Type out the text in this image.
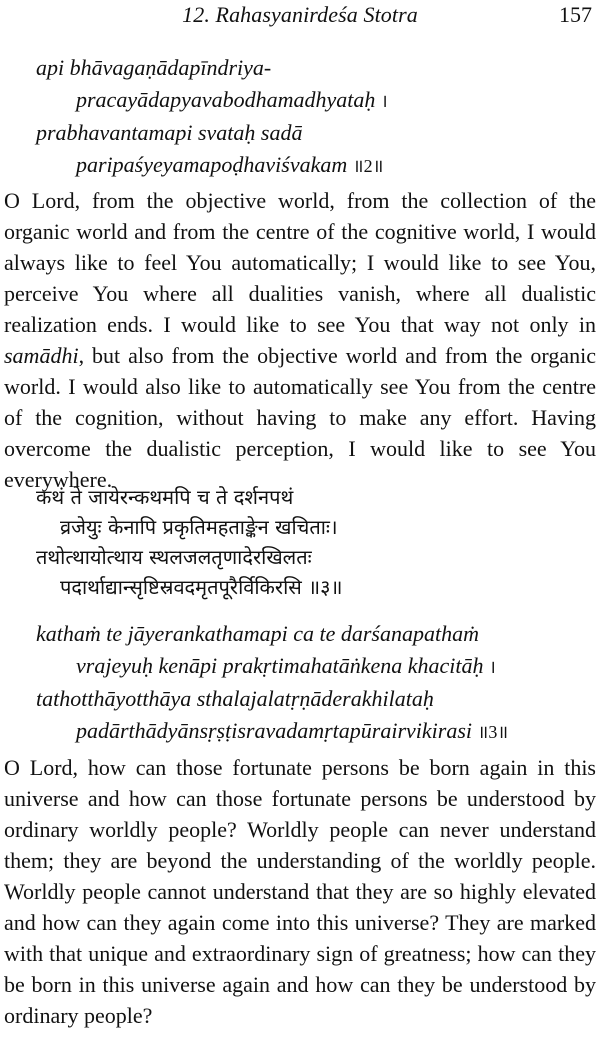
12. Rahasyanirdeśa Stotra	157
api bhāvagaṇādapīndriya-
pracayādapyavabodhamadhyataḥ ।
prabhavantamapi svataḥ sadā
paripaśyeyamapoḍhaviśvakam ॥2॥
O Lord, from the objective world, from the collection of the organic world and from the centre of the cognitive world, I would always like to feel You automatically; I would like to see You, perceive You where all dualities vanish, where all dualistic realization ends. I would like to see You that way not only in samādhi, but also from the objective world and from the organic world. I would also like to automatically see You from the centre of the cognition, without having to make any effort. Having overcome the dualistic perception, I would like to see You everywhere.
कथं ते जायेरन्कथमपि च ते दर्शनपथं
व्रजेयुः केनापि प्रकृतिमहताङ्केन खचिताः।
तथोत्थायोत्थाय स्थलजलतृणादेरखिलतः
पदार्थाद्यान्सृष्टिस्रवदमृतपूरैर्विकिरसि ॥३॥
kathaṁ te jāyerankathamapi ca te darśanapathaṁ
vrajeyuḥ kenāpi prakṛtimahatāṅkena khacitāḥ ।
tathotthāyotthāya sthalajalatṛṇāderakhilataḥ
padārthādyānsṛṣṭisravadamṛtapūrairvikirasi ॥3॥
O Lord, how can those fortunate persons be born again in this universe and how can those fortunate persons be understood by ordinary worldly people? Worldly people can never understand them; they are beyond the understanding of the worldly people. Worldly people cannot understand that they are so highly elevated and how can they again come into this universe? They are marked with that unique and extraordinary sign of greatness; how can they be born in this universe again and how can they be understood by ordinary people?
